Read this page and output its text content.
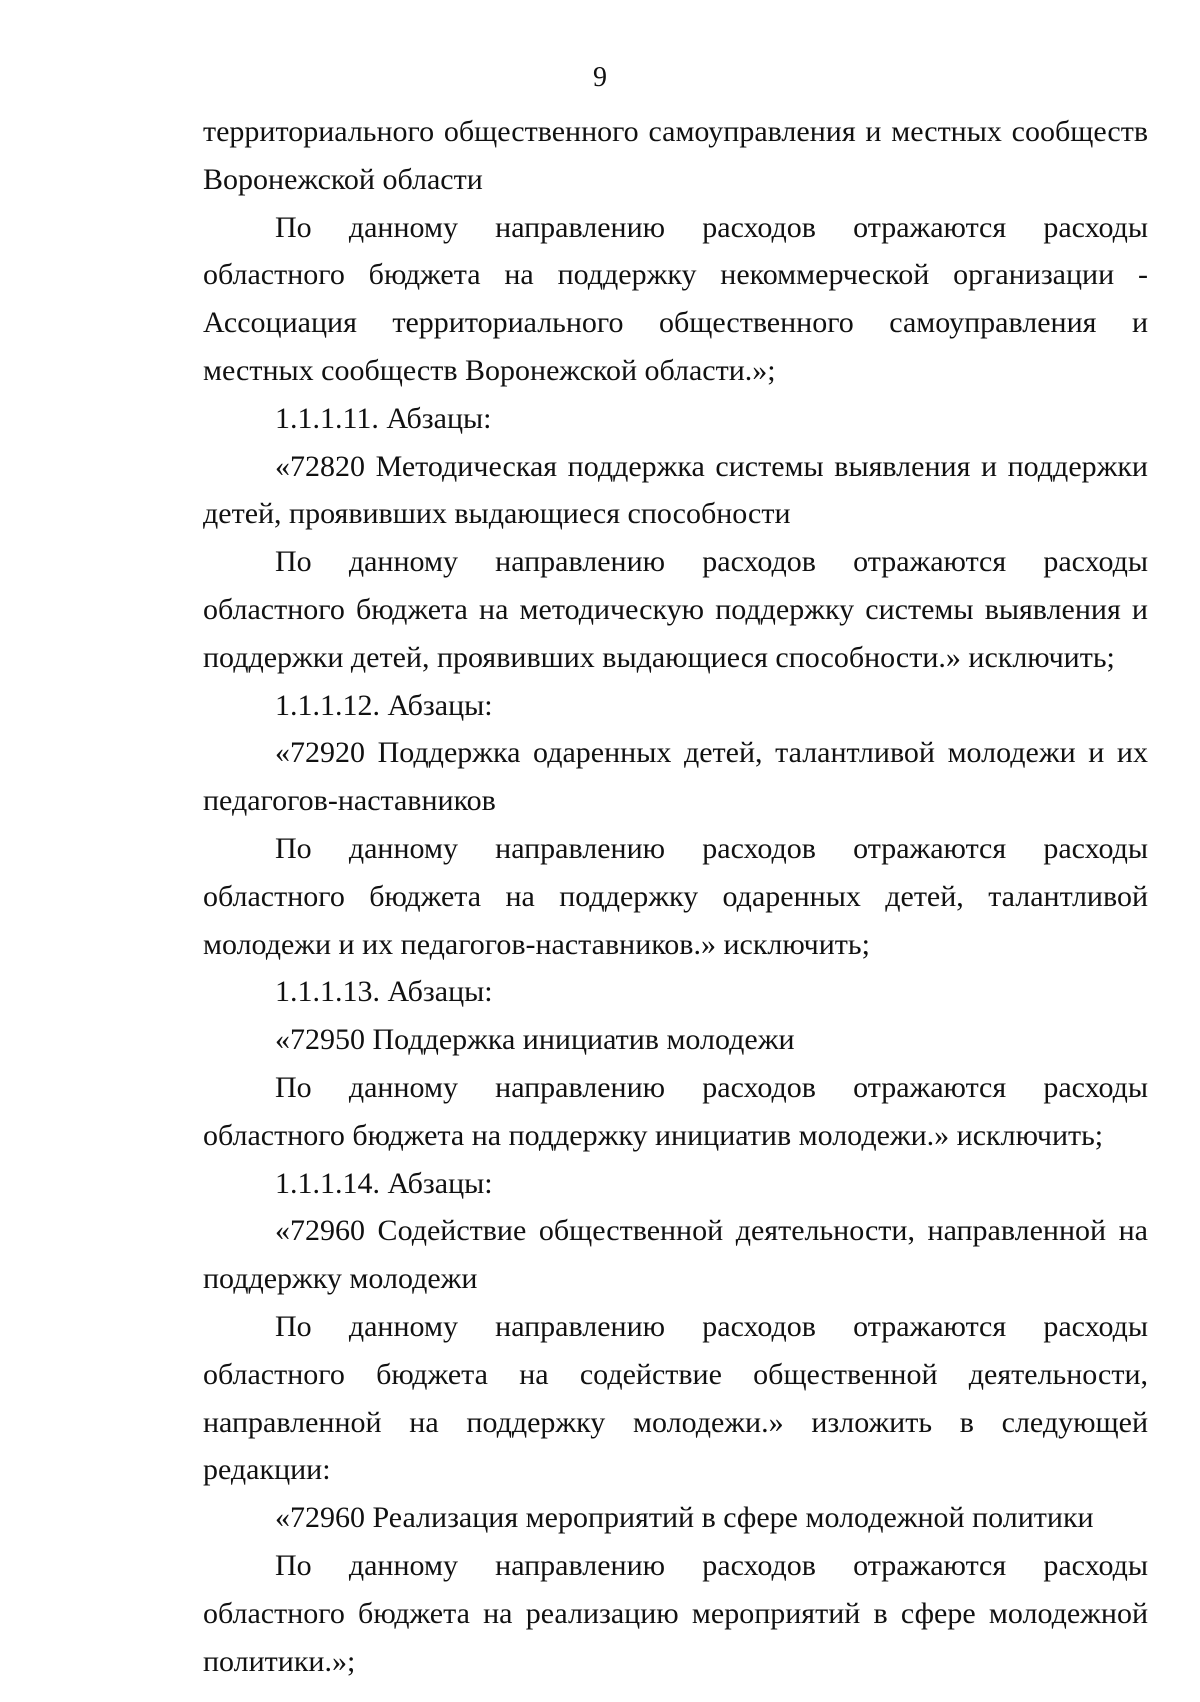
9

территориального общественного самоуправления и местных сообществ Воронежской области

По данному направлению расходов отражаются расходы областного бюджета на поддержку некоммерческой организации - Ассоциация территориального общественного самоуправления и местных сообществ Воронежской области.»;

1.1.1.11. Абзацы:

«72820 Методическая поддержка системы выявления и поддержки детей, проявивших выдающиеся способности

По данному направлению расходов отражаются расходы областного бюджета на методическую поддержку системы выявления и поддержки детей, проявивших выдающиеся способности.» исключить;

1.1.1.12. Абзацы:

«72920 Поддержка одаренных детей, талантливой молодежи и их педагогов-наставников

По данному направлению расходов отражаются расходы областного бюджета на поддержку одаренных детей, талантливой молодежи и их педагогов-наставников.» исключить;

1.1.1.13. Абзацы:

«72950 Поддержка инициатив молодежи

По данному направлению расходов отражаются расходы областного бюджета на поддержку инициатив молодежи.» исключить;

1.1.1.14. Абзацы:

«72960 Содействие общественной деятельности, направленной на поддержку молодежи

По данному направлению расходов отражаются расходы областного бюджета на содействие общественной деятельности, направленной на поддержку молодежи.» изложить в следующей редакции:

«72960 Реализация мероприятий в сфере молодежной политики

По данному направлению расходов отражаются расходы областного бюджета на реализацию мероприятий в сфере молодежной политики.»;
